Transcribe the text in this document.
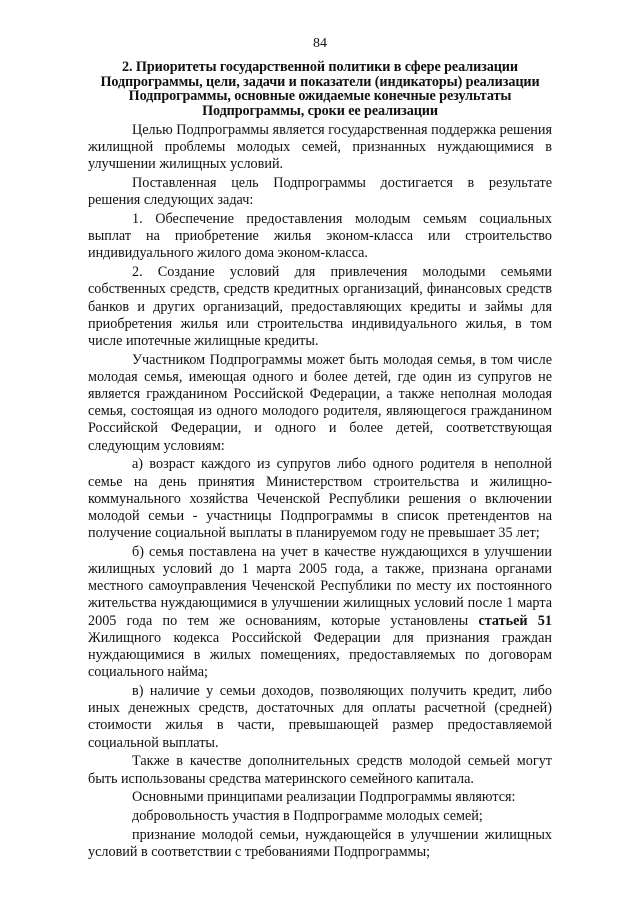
84
2. Приоритеты государственной политики в сфере реализации Подпрограммы, цели, задачи и показатели (индикаторы) реализации Подпрограммы, основные ожидаемые конечные результаты Подпрограммы, сроки ее реализации

Целью Подпрограммы является государственная поддержка решения жилищной проблемы молодых семей, признанных нуждающимися в улучшении жилищных условий.

Поставленная цель Подпрограммы достигается в результате решения следующих задач:

1. Обеспечение предоставления молодым семьям социальных выплат на приобретение жилья эконом-класса или строительство индивидуального жилого дома эконом-класса.

2. Создание условий для привлечения молодыми семьями собственных средств, средств кредитных организаций, финансовых средств банков и других организаций, предоставляющих кредиты и займы для приобретения жилья или строительства индивидуального жилья, в том числе ипотечные жилищные кредиты.

Участником Подпрограммы может быть молодая семья, в том числе молодая семья, имеющая одного и более детей, где один из супругов не является гражданином Российской Федерации, а также неполная молодая семья, состоящая из одного молодого родителя, являющегося гражданином Российской Федерации, и одного и более детей, соответствующая следующим условиям:

а) возраст каждого из супругов либо одного родителя в неполной семье на день принятия Министерством строительства и жилищно-коммунального хозяйства Чеченской Республики решения о включении молодой семьи - участницы Подпрограммы в список претендентов на получение социальной выплаты в планируемом году не превышает 35 лет;

б) семья поставлена на учет в качестве нуждающихся в улучшении жилищных условий до 1 марта 2005 года, а также, признана органами местного самоуправления Чеченской Республики по месту их постоянного жительства нуждающимися в улучшении жилищных условий после 1 марта 2005 года по тем же основаниям, которые установлены статьей 51 Жилищного кодекса Российской Федерации для признания граждан нуждающимися в жилых помещениях, предоставляемых по договорам социального найма;

в) наличие у семьи доходов, позволяющих получить кредит, либо иных денежных средств, достаточных для оплаты расчетной (средней) стоимости жилья в части, превышающей размер предоставляемой социальной выплаты.

Также в качестве дополнительных средств молодой семьей могут быть использованы средства материнского семейного капитала.

Основными принципами реализации Подпрограммы являются:

добровольность участия в Подпрограмме молодых семей;

признание молодой семьи, нуждающейся в улучшении жилищных условий в соответствии с требованиями Подпрограммы;
